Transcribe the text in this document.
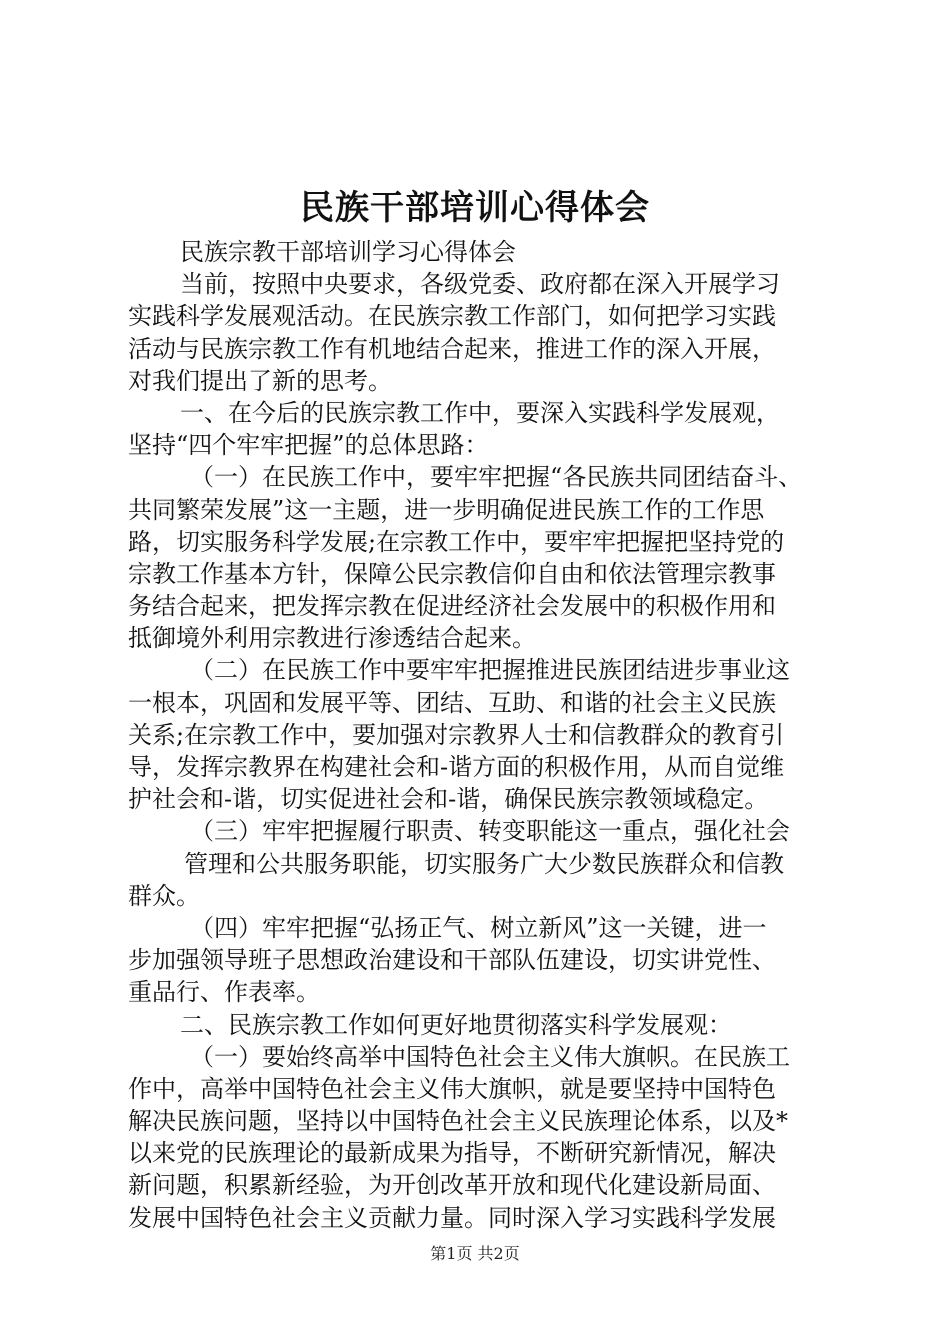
民族干部培训心得体会
民族宗教干部培训学习心得体会
当前，按照中央要求，各级党委、政府都在深入开展学习
实践科学发展观活动。在民族宗教工作部门，如何把学习实践
活动与民族宗教工作有机地结合起来，推进工作的深入开展，
对我们提出了新的思考。
一、在今后的民族宗教工作中，要深入实践科学发展观，
坚持“四个牢牢把握”的总体思路：
（一）在民族工作中，要牢牢把握“各民族共同团结奋斗、
共同繁荣发展”这一主题，进一步明确促进民族工作的工作思
路，切实服务科学发展;在宗教工作中，要牢牢把握把坚持党的
宗教工作基本方针，保障公民宗教信仰自由和依法管理宗教事
务结合起来，把发挥宗教在促进经济社会发展中的积极作用和
抵御境外利用宗教进行渗透结合起来。
（二）在民族工作中要牢牢把握推进民族团结进步事业这
一根本，巩固和发展平等、团结、互助、和谐的社会主义民族
关系;在宗教工作中，要加强对宗教界人士和信教群众的教育引
导，发挥宗教界在构建社会和-谐方面的积极作用，从而自觉维
护社会和-谐，切实促进社会和-谐，确保民族宗教领域稳定。
（三）牢牢把握履行职责、转变职能这一重点，强化社会
管理和公共服务职能，切实服务广大少数民族群众和信教
群众。
（四）牢牢把握“弘扬正气、树立新风”这一关键，进一
步加强领导班子思想政治建设和干部队伍建设，切实讲党性、
重品行、作表率。
二、民族宗教工作如何更好地贯彻落实科学发展观：
（一）要始终高举中国特色社会主义伟大旗帜。在民族工
作中，高举中国特色社会主义伟大旗帜，就是要坚持中国特色
解决民族问题，坚持以中国特色社会主义民族理论体系，以及*
以来党的民族理论的最新成果为指导，不断研究新情况，解决
新问题，积累新经验，为开创改革开放和现代化建设新局面、
发展中国特色社会主义贡献力量。同时深入学习实践科学发展
第1页 共2页
